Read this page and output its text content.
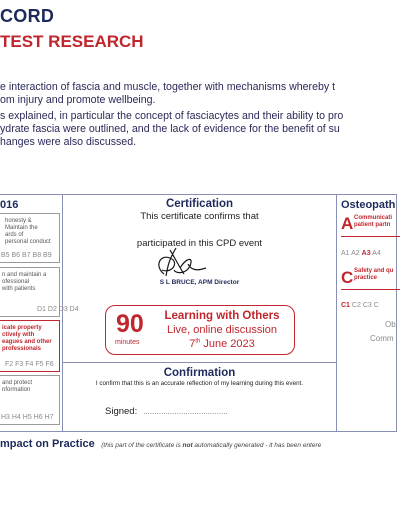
CORD
TEST RESEARCH
e interaction of fascia and muscle, together with mechanisms whereby t
om injury and promote wellbeing.
s explained, in particular the concept of fasciacytes and their ability to pro
ydrate fascia were outlined, and the lack of evidence for the benefit of su
hanges were also discussed.
016
honesty &
Maintain the
ards of
personal conduct
B5 B6 B7 B8 B9
n and maintain a
ofessional
with patients
D1 D2 D3 D4
icate property
ctively with
eagues and other
professionals
F2 F3 F4 F5 F6
and protect
nformation
H3 H4 H5 H6 H7
Certification
This certificate confirms that
participated in this CPD event
S L BRUCE, APM Director
90
minutes
Learning with Others
Live, online discussion
7th June 2023
Confirmation
I confirm that this is an accurate reflection of my learning during this event.
Signed: ......................................
Osteopath
A Communicati
patient partn
A1 A2 A3 A4
C Safety and qu
practice
C1 C2 C3 C
Ob
Comm
mpact on Practice (this part of the certificate is not automatically generated - it has been entere
